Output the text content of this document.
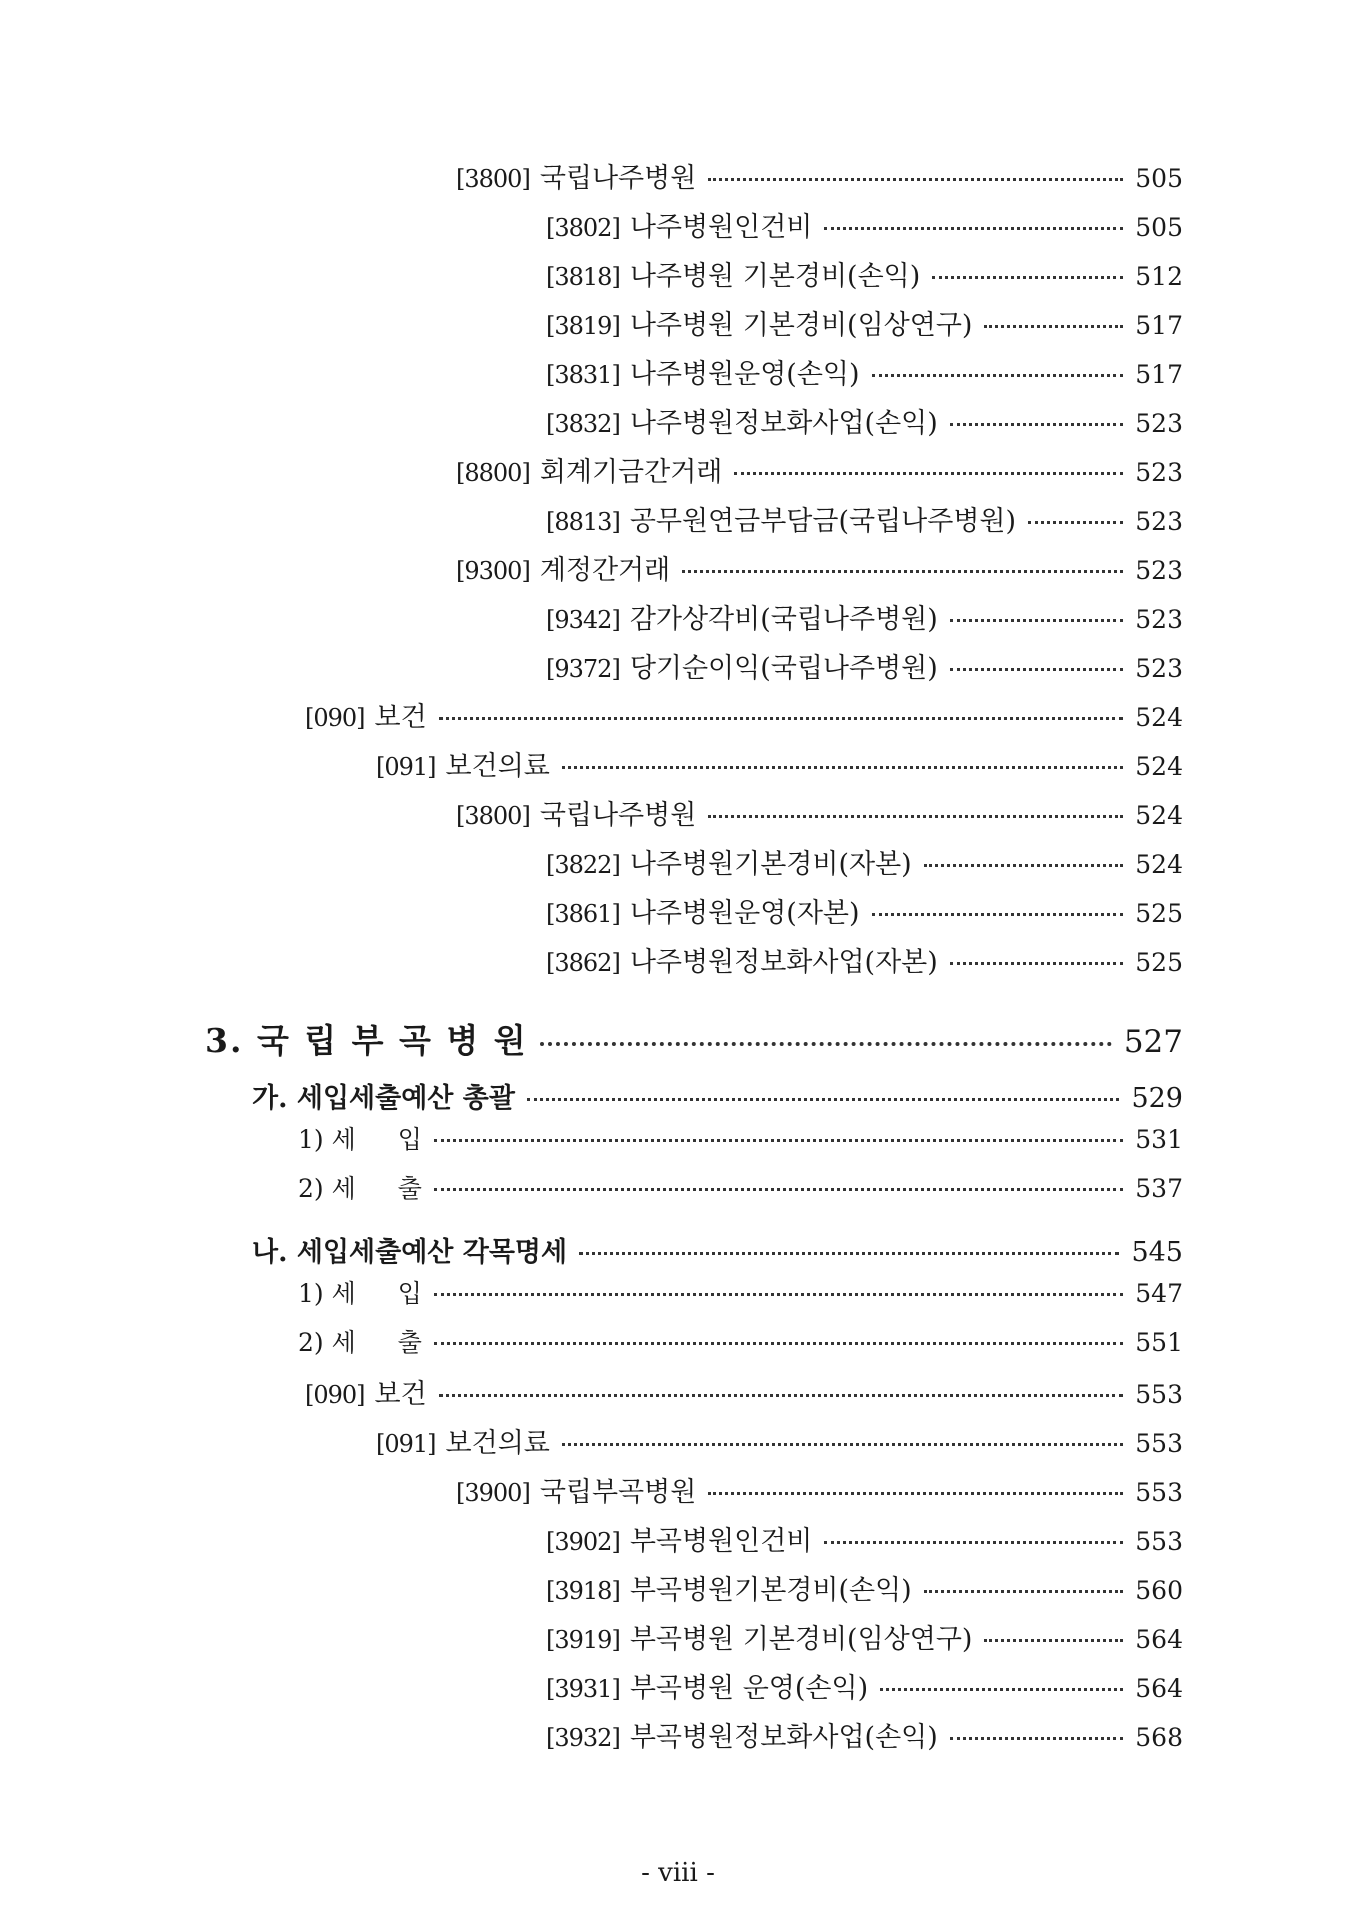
[3800] 국립나주병원	505
[3802] 나주병원인건비	505
[3818] 나주병원 기본경비(손익)	512
[3819] 나주병원 기본경비(임상연구)	517
[3831] 나주병원운영(손익)	517
[3832] 나주병원정보화사업(손익)	523
[8800] 회계기금간거래	523
[8813] 공무원연금부담금(국립나주병원)	523
[9300] 계정간거래	523
[9342] 감가상각비(국립나주병원)	523
[9372] 당기순이익(국립나주병원)	523
[090] 보건	524
[091] 보건의료	524
[3800] 국립나주병원	524
[3822] 나주병원기본경비(자본)	524
[3861] 나주병원운영(자본)	525
[3862] 나주병원정보화사업(자본)	525
3. 국 립 부 곡 병 원	527
가. 세입세출예산 총괄	529
1) 세 입	531
2) 세 출	537
나. 세입세출예산 각목명세	545
1) 세 입	547
2) 세 출	551
[090] 보건	553
[091] 보건의료	553
[3900] 국립부곡병원	553
[3902] 부곡병원인건비	553
[3918] 부곡병원기본경비(손익)	560
[3919] 부곡병원 기본경비(임상연구)	564
[3931] 부곡병원 운영(손익)	564
[3932] 부곡병원정보화사업(손익)	568
- viii -
